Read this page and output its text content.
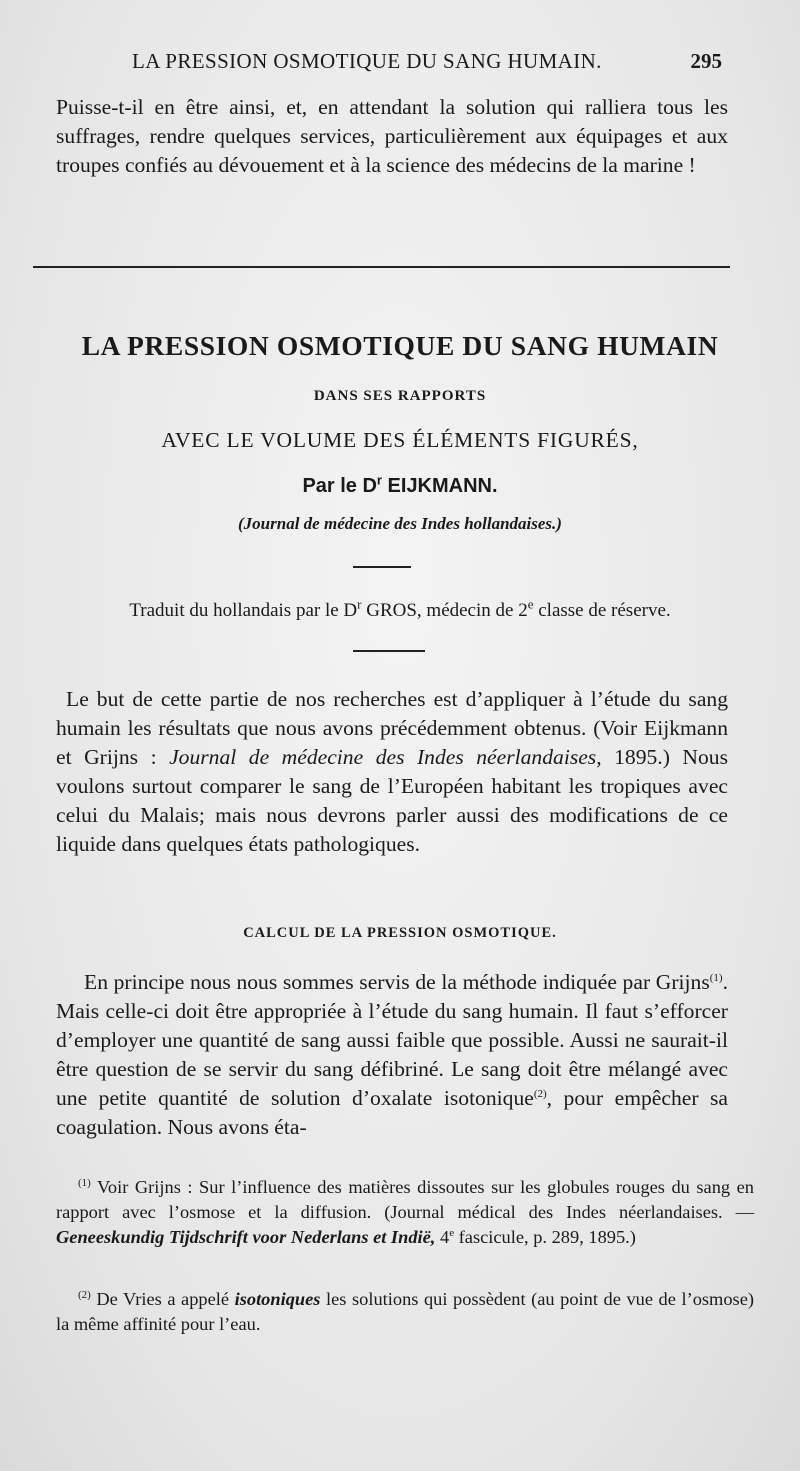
LA PRESSION OSMOTIQUE DU SANG HUMAIN.	295
Puisse-t-il en être ainsi, et, en attendant la solution qui ralliera tous les suffrages, rendre quelques services, particulièrement aux équipages et aux troupes confiés au dévouement et à la science des médecins de la marine !
LA PRESSION OSMOTIQUE DU SANG HUMAIN
DANS SES RAPPORTS
AVEC LE VOLUME DES ÉLÉMENTS FIGURÉS,
Par le $D^r$ EIJKMANN.
(Journal de médecine des Indes hollandaises.)
Traduit du hollandais par le $D^r$ GROS, médecin de 2e classe de réserve.
Le but de cette partie de nos recherches est d’appliquer à l’étude du sang humain les résultats que nous avons précédemment obtenus. (Voir Eijkmann et Grijns : Journal de médecine des Indes néerlandaises, 1895.) Nous voulons surtout comparer le sang de l’Européen habitant les tropiques avec celui du Malais; mais nous devrons parler aussi des modifications de ce liquide dans quelques états pathologiques.
CALCUL DE LA PRESSION OSMOTIQUE.
En principe nous nous sommes servis de la méthode indiquée par Grijns$^{(1)}$. Mais celle-ci doit être appropriée à l’étude du sang humain. Il faut s’efforcer d’employer une quantité de sang aussi faible que possible. Aussi ne saurait-il être question de se servir du sang défibriné. Le sang doit être mélangé avec une petite quantité de solution d’oxalate isotonique$^{(2)}$, pour empêcher sa coagulation. Nous avons éta-
$^{(1)}$ Voir Grijns : Sur l’influence des matières dissoutes sur les globules rouges du sang en rapport avec l’osmose et la diffusion. (Journal médical des Indes néerlandaises. — Geneeskundig Tijdschrift voor Nederlans et Indië, 4e fascicule, p. 289, 1895.)
$^{(2)}$ De Vries a appelé isotoniques les solutions qui possèdent (au point de vue de l’osmose) la même affinité pour l’eau.
